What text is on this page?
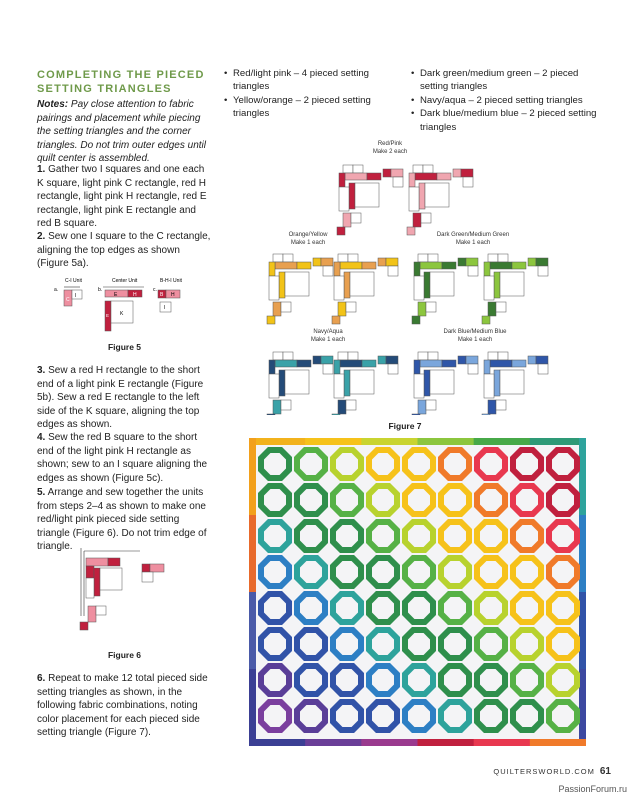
COMPLETING THE PIECED SETTING TRIANGLES
Notes: Pay close attention to fabric pairings and placement while piecing the setting triangles and the corner triangles. Do not trim outer edges until quilt center is assembled.
1. Gather two I squares and one each K square, light pink C rectangle, red H rectangle, light pink H rectangle, red E rectangle, light pink E rectangle and red B square.
2. Sew one I square to the C rectangle, aligning the top edges as shown (Figure 5a).
C-I Unit	Center Unit	B-H-I Unit
a.
C
I
b.
E	H
E K
c.
B H
I
Figure 5
3. Sew a red H rectangle to the short end of a light pink E rectangle (Figure 5b). Sew a red E rectangle to the left side of the K square, aligning the top edges as shown.
4. Sew the red B square to the short end of the light pink H rectangle as shown; sew to an I square aligning the edges as shown (Figure 5c).
5. Arrange and sew together the units from steps 2–4 as shown to make one red/light pink pieced side setting triangle (Figure 6). Do not trim edge of triangle.
Figure 6
6. Repeat to make 12 total pieced side setting triangles as shown, in the following fabric combinations, noting color placement for each pieced side setting triangle (Figure 7).
• Red/light pink – 4 pieced setting triangles
• Yellow/orange – 2 pieced setting triangles
• Dark green/medium green – 2 pieced setting triangles
• Navy/aqua – 2 pieced setting triangles
• Dark blue/medium blue – 2 pieced setting triangles
Red/Pink
Make 2 each
Orange/Yellow
Make 1 each
Dark Green/Medium Green
Make 1 each
Navy/Aqua
Make 1 each
Dark Blue/Medium Blue
Make 1 each
Figure 7
QUILTERSWORLD.COM 61
PassionForum.ru
